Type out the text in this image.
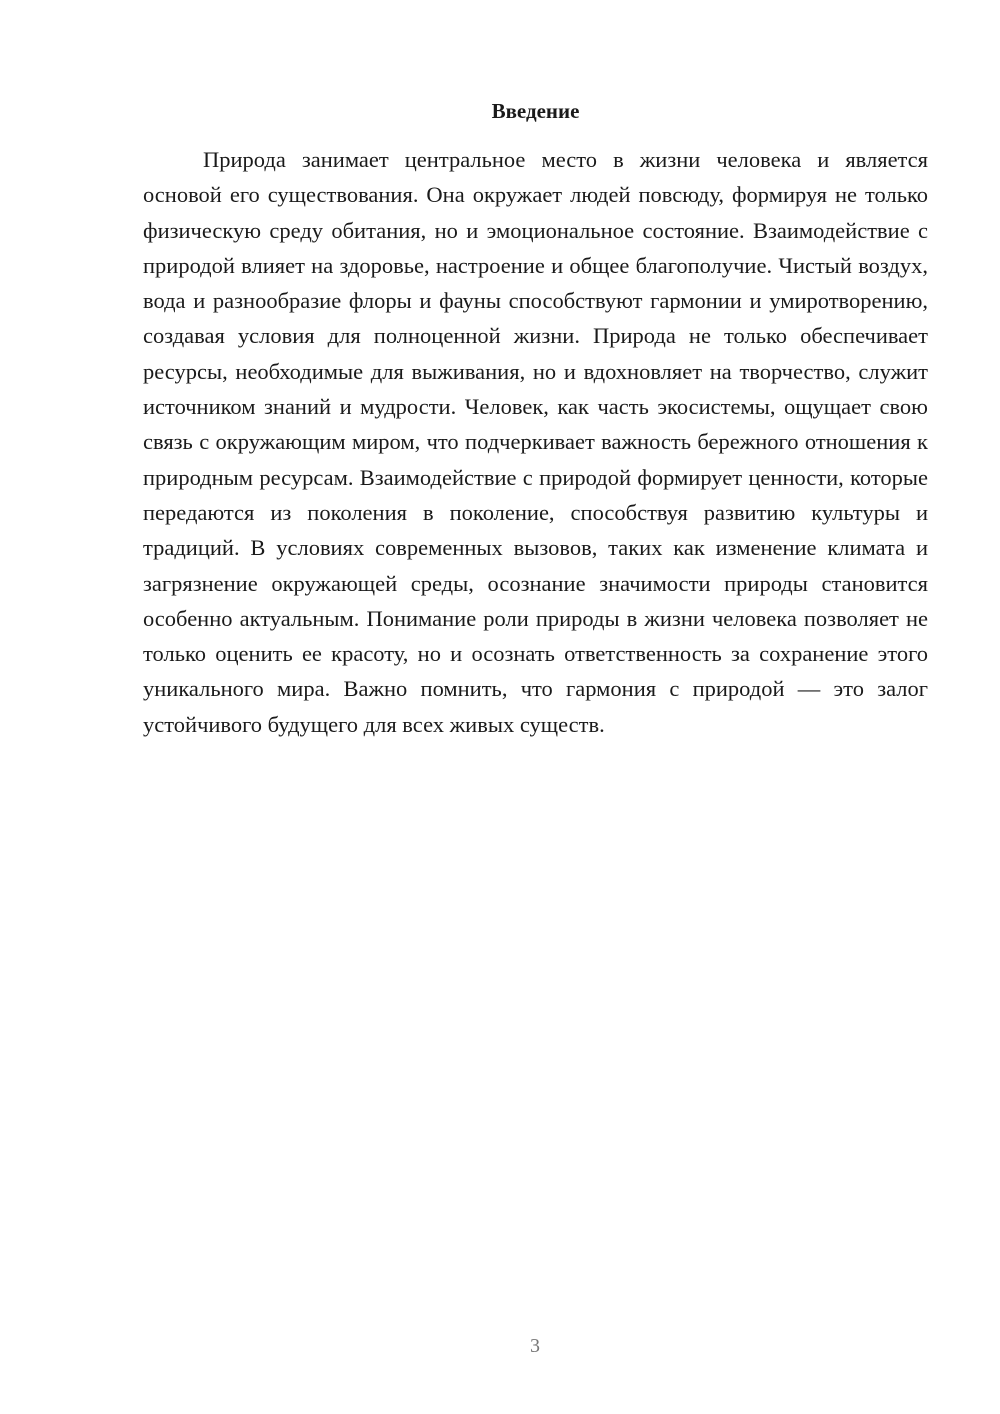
Введение

Природа занимает центральное место в жизни человека и является основой его существования. Она окружает людей повсюду, формируя не только физическую среду обитания, но и эмоциональное состояние. Взаимодействие с природой влияет на здоровье, настроение и общее благополучие. Чистый воздух, вода и разнообразие флоры и фауны способствуют гармонии и умиротворению, создавая условия для полноценной жизни. Природа не только обеспечивает ресурсы, необходимые для выживания, но и вдохновляет на творчество, служит источником знаний и мудрости. Человек, как часть экосистемы, ощущает свою связь с окружающим миром, что подчеркивает важность бережного отношения к природным ресурсам. Взаимодействие с природой формирует ценности, которые передаются из поколения в поколение, способствуя развитию культуры и традиций. В условиях современных вызовов, таких как изменение климата и загрязнение окружающей среды, осознание значимости природы становится особенно актуальным. Понимание роли природы в жизни человека позволяет не только оценить ее красоту, но и осознать ответственность за сохранение этого уникального мира. Важно помнить, что гармония с природой — это залог устойчивого будущего для всех живых существ.

3
